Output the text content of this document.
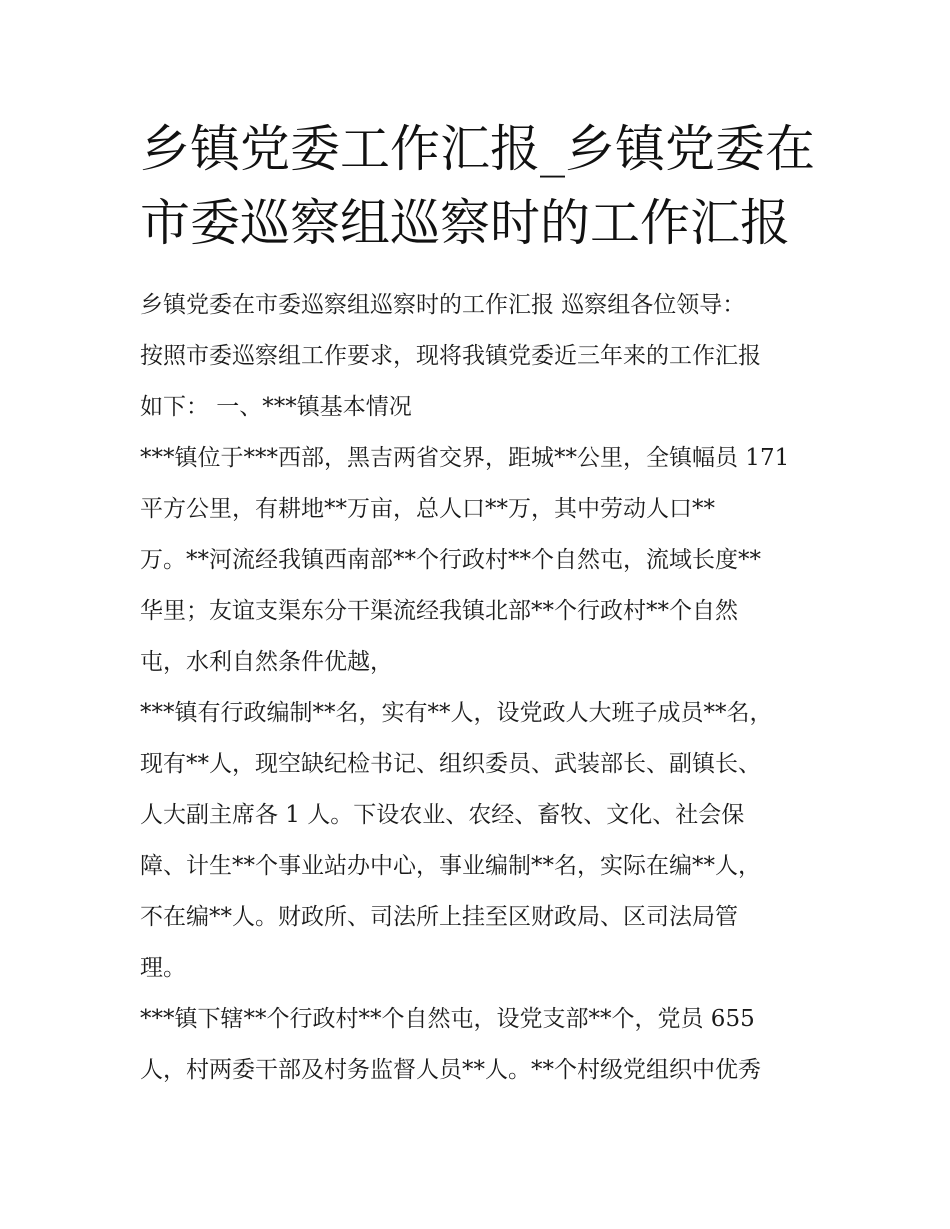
乡镇党委工作汇报_乡镇党委在
市委巡察组巡察时的工作汇报

乡镇党委在市委巡察组巡察时的工作汇报 巡察组各位领导：
按照市委巡察组工作要求，现将我镇党委近三年来的工作汇报
如下： 一、***镇基本情况

***镇位于***西部，黑吉两省交界，距城**公里，全镇幅员 171
平方公里，有耕地**万亩，总人口**万，其中劳动人口**
万。**河流经我镇西南部**个行政村**个自然屯，流域长度**
华里；友谊支渠东分干渠流经我镇北部**个行政村**个自然
屯，水利自然条件优越，

***镇有行政编制**名，实有**人，设党政人大班子成员**名，
现有**人，现空缺纪检书记、组织委员、武装部长、副镇长、
人大副主席各 1 人。下设农业、农经、畜牧、文化、社会保
障、计生**个事业站办中心，事业编制**名，实际在编**人，
不在编**人。财政所、司法所上挂至区财政局、区司法局管
理。

***镇下辖**个行政村**个自然屯，设党支部**个，党员 655
人，村两委干部及村务监督人员**人。**个村级党组织中优秀
